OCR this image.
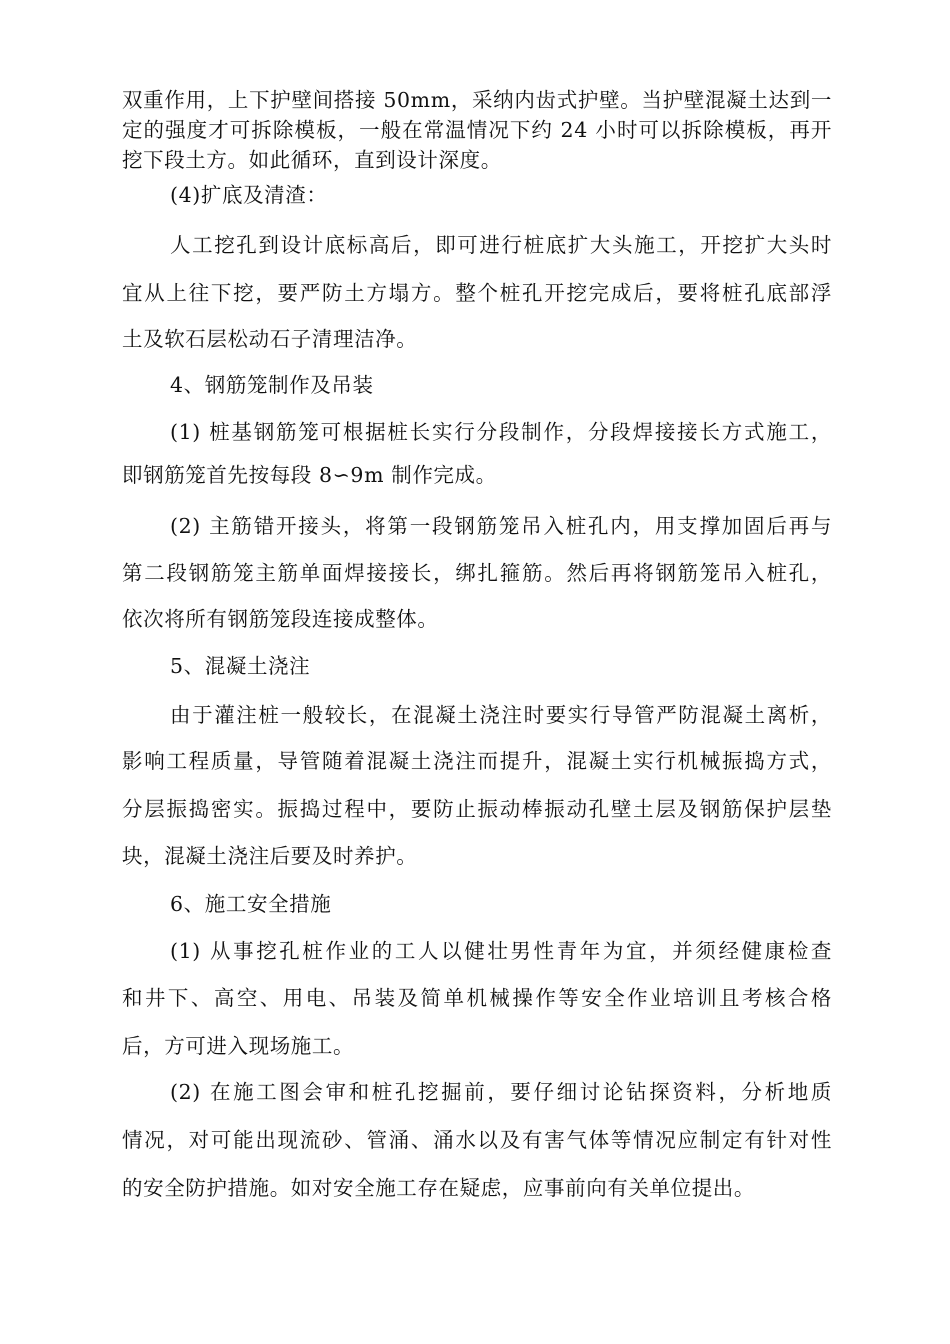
双重作用，上下护壁间搭接 50mm，采纳内齿式护壁。当护壁混凝土达到一
定的强度才可拆除模板，一般在常温情况下约 24 小时可以拆除模板，再开
挖下段土方。如此循环，直到设计深度。
(4)扩底及清渣：
人工挖孔到设计底标高后，即可进行桩底扩大头施工，开挖扩大头时
宜从上往下挖，要严防土方塌方。整个桩孔开挖完成后，要将桩孔底部浮
土及软石层松动石子清理洁净。
4、钢筋笼制作及吊装
(1) 桩基钢筋笼可根据桩长实行分段制作，分段焊接接长方式施工，
即钢筋笼首先按每段 8∽9m 制作完成。
(2) 主筋错开接头，将第一段钢筋笼吊入桩孔内，用支撑加固后再与
第二段钢筋笼主筋单面焊接接长，绑扎箍筋。然后再将钢筋笼吊入桩孔，
依次将所有钢筋笼段连接成整体。
5、混凝土浇注
由于灌注桩一般较长，在混凝土浇注时要实行导管严防混凝土离析，
影响工程质量，导管随着混凝土浇注而提升，混凝土实行机械振捣方式，
分层振捣密实。振捣过程中，要防止振动棒振动孔壁土层及钢筋保护层垫
块，混凝土浇注后要及时养护。
6、施工安全措施
(1) 从事挖孔桩作业的工人以健壮男性青年为宜，并须经健康检查
和井下、高空、用电、吊装及简单机械操作等安全作业培训且考核合格
后，方可进入现场施工。
(2) 在施工图会审和桩孔挖掘前，要仔细讨论钻探资料，分析地质
情况，对可能出现流砂、管涌、涌水以及有害气体等情况应制定有针对性
的安全防护措施。如对安全施工存在疑虑，应事前向有关单位提出。
